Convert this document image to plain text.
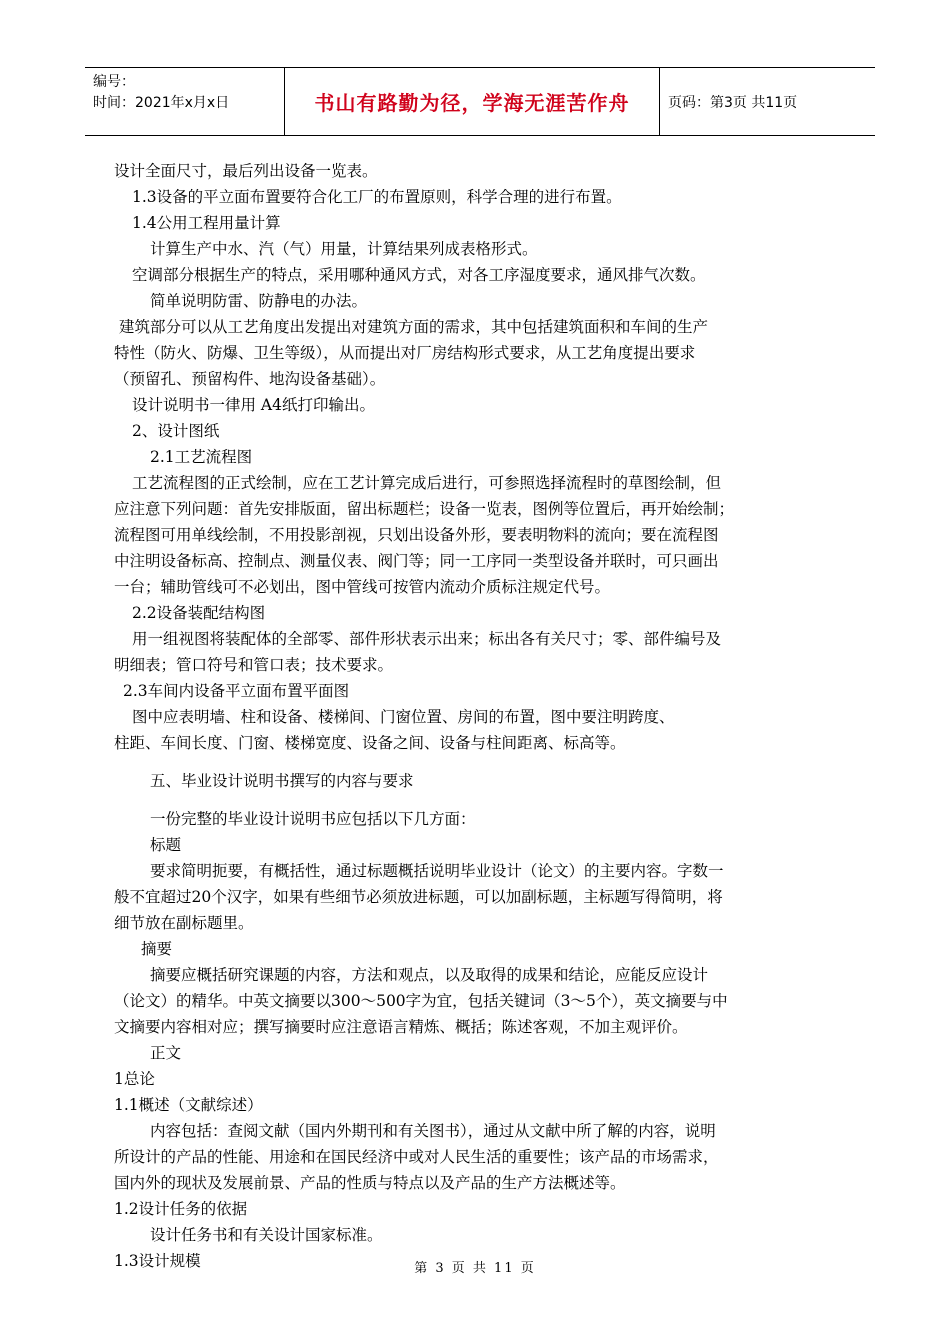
编号：
时间：2021年x月x日	书山有路勤为径，学海无涯苦作舟	页码：第3页 共11页
设计全面尺寸，最后列出设备一览表。
1.3设备的平立面布置要符合化工厂的布置原则，科学合理的进行布置。
1.4公用工程用量计算
计算生产中水、汽（气）用量，计算结果列成表格形式。
空调部分根据生产的特点，采用哪种通风方式，对各工序湿度要求，通风排气次数。
简单说明防雷、防静电的办法。
建筑部分可以从工艺角度出发提出对建筑方面的需求，其中包括建筑面积和车间的生产
特性（防火、防爆、卫生等级），从而提出对厂房结构形式要求，从工艺角度提出要求
（预留孔、预留构件、地沟设备基础）。
设计说明书一律用 A4纸打印输出。
2、设计图纸
2.1工艺流程图
工艺流程图的正式绘制，应在工艺计算完成后进行，可参照选择流程时的草图绘制，但
应注意下列问题：首先安排版面，留出标题栏；设备一览表，图例等位置后，再开始绘制；
流程图可用单线绘制，不用投影剖视，只划出设备外形，要表明物料的流向；要在流程图
中注明设备标高、控制点、测量仪表、阀门等；同一工序同一类型设备并联时，可只画出
一台；辅助管线可不必划出，图中管线可按管内流动介质标注规定代号。
2.2设备装配结构图
用一组视图将装配体的全部零、部件形状表示出来；标出各有关尺寸；零、部件编号及
明细表；管口符号和管口表；技术要求。
2.3车间内设备平立面布置平面图
图中应表明墙、柱和设备、楼梯间、门窗位置、房间的布置，图中要注明跨度、
柱距、车间长度、门窗、楼梯宽度、设备之间、设备与柱间距离、标高等。
五、毕业设计说明书撰写的内容与要求
一份完整的毕业设计说明书应包括以下几方面：
标题
要求简明扼要，有概括性，通过标题概括说明毕业设计（论文）的主要内容。字数一
般不宜超过20个汉字，如果有些细节必须放进标题，可以加副标题，主标题写得简明，将
细节放在副标题里。
摘要
摘要应概括研究课题的内容，方法和观点，以及取得的成果和结论，应能反应设计
（论文）的精华。中英文摘要以300～500字为宜，包括关键词（3～5个），英文摘要与中
文摘要内容相对应；撰写摘要时应注意语言精炼、概括；陈述客观，不加主观评价。
正文
1总论
1.1概述（文献综述）
内容包括：查阅文献（国内外期刊和有关图书），通过从文献中所了解的内容，说明
所设计的产品的性能、用途和在国民经济中或对人民生活的重要性；该产品的市场需求，
国内外的现状及发展前景、产品的性质与特点以及产品的生产方法概述等。
1.2设计任务的依据
设计任务书和有关设计国家标准。
1.3设计规模	第 3 页 共 11 页
